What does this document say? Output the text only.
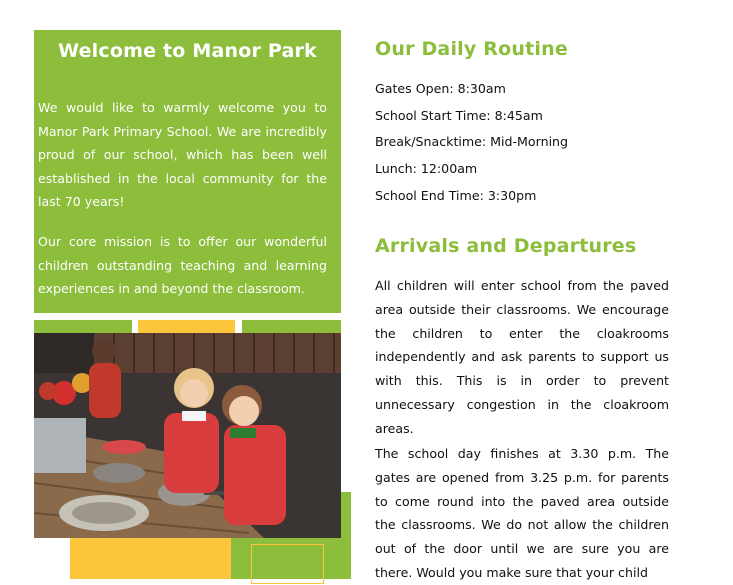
Welcome to Manor Park

We would like to warmly welcome you to Manor Park Primary School. We are incredibly proud of our school, which has been well established in the local community for the last 70 years!

Our core mission is to offer our wonderful children outstanding teaching and learning experiences in and beyond the classroom.

Our Daily Routine
Gates Open: 8:30am
School Start Time: 8:45am
Break/Snacktime: Mid-Morning
Lunch: 12:00am
School End Time: 3:30pm
Arrivals and Departures

All children will enter school from the paved area outside their classrooms. We encourage the children to enter the cloakrooms independently and ask parents to support us with this. This is in order to prevent unnecessary congestion in the cloakroom areas.

The school day finishes at 3.30 p.m. The gates are opened from 3.25 p.m. for parents to come round into the paved area outside the classrooms. We do not allow the children out of the door until we are sure you are there. Would you make sure that your child
